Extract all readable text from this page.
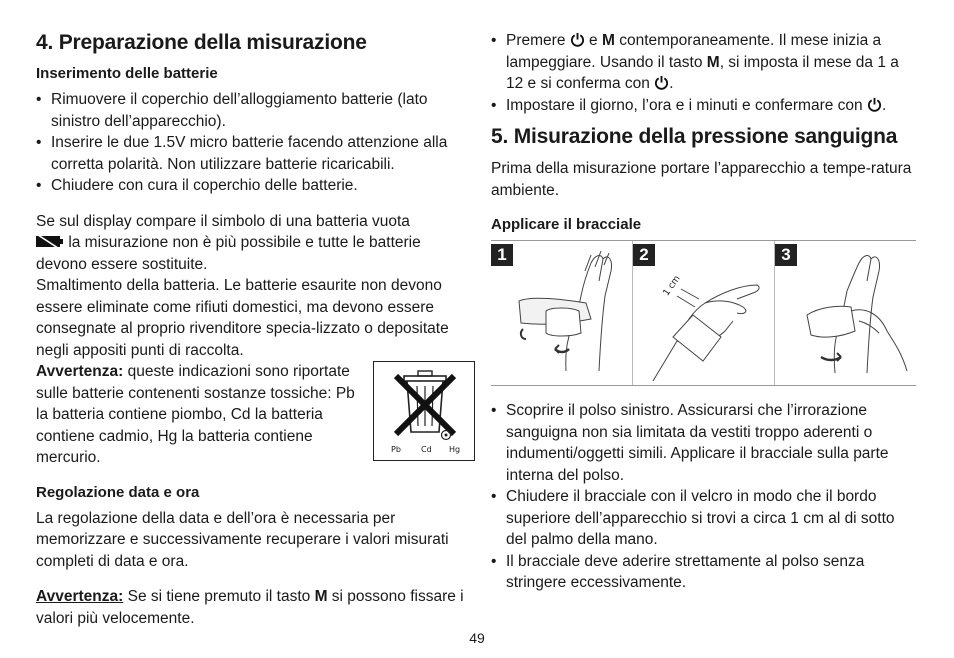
4. Preparazione della misurazione
Inserimento delle batterie
• Rimuovere il coperchio dell’alloggiamento batterie (lato sinistro dell’apparecchio).
• Inserire le due 1.5V micro batterie facendo attenzione alla corretta polarità. Non utilizzare batterie ricaricabili.
• Chiudere con cura il coperchio delle batterie.

Se sul display compare il simbolo di una batteria vuota
la misurazione non è più possibile e tutte le batterie devono essere sostituite.

Smaltimento della batteria. Le batterie esaurite non devono essere eliminate come rifiuti domestici, ma devono essere consegnate al proprio rivenditore specia-lizzato o depositate negli appositi punti di raccolta.

Avvertenza: queste indicazioni sono riportate sulle batterie contenenti sostanze tossiche: Pb la batteria contiene piombo, Cd la batteria contiene cadmio, Hg la batteria contiene mercurio.	Pb	Cd Hg
Regolazione data e ora

La regolazione della data e dell’ora è necessaria per memorizzare e successivamente recuperare i valori misurati completi di data e ora.

Avvertenza: Se si tiene premuto il tasto M si possono fissare i valori più velocemente.

• Premere  e M contemporaneamente. Il mese inizia a lampeggiare. Usando il tasto M, si imposta il mese da 1 a 12 e si conferma con .
• Impostare il giorno, l’ora e i minuti e confermare con .
5. Misurazione della pressione sanguigna

Prima della misurazione portare l’apparecchio a tempe-ratura ambiente.

Applicare il bracciale
1	2
1 cm
3
• Scoprire il polso sinistro. Assicurarsi che l’irrorazione sanguigna non sia limitata da vestiti troppo aderenti o indumenti/oggetti simili. Applicare il bracciale sulla parte interna del polso.
• Chiudere il bracciale con il velcro in modo che il bordo superiore dell’apparecchio si trovi a circa 1 cm al di sotto del palmo della mano.
• Il bracciale deve aderire strettamente al polso senza stringere eccessivamente.
49
